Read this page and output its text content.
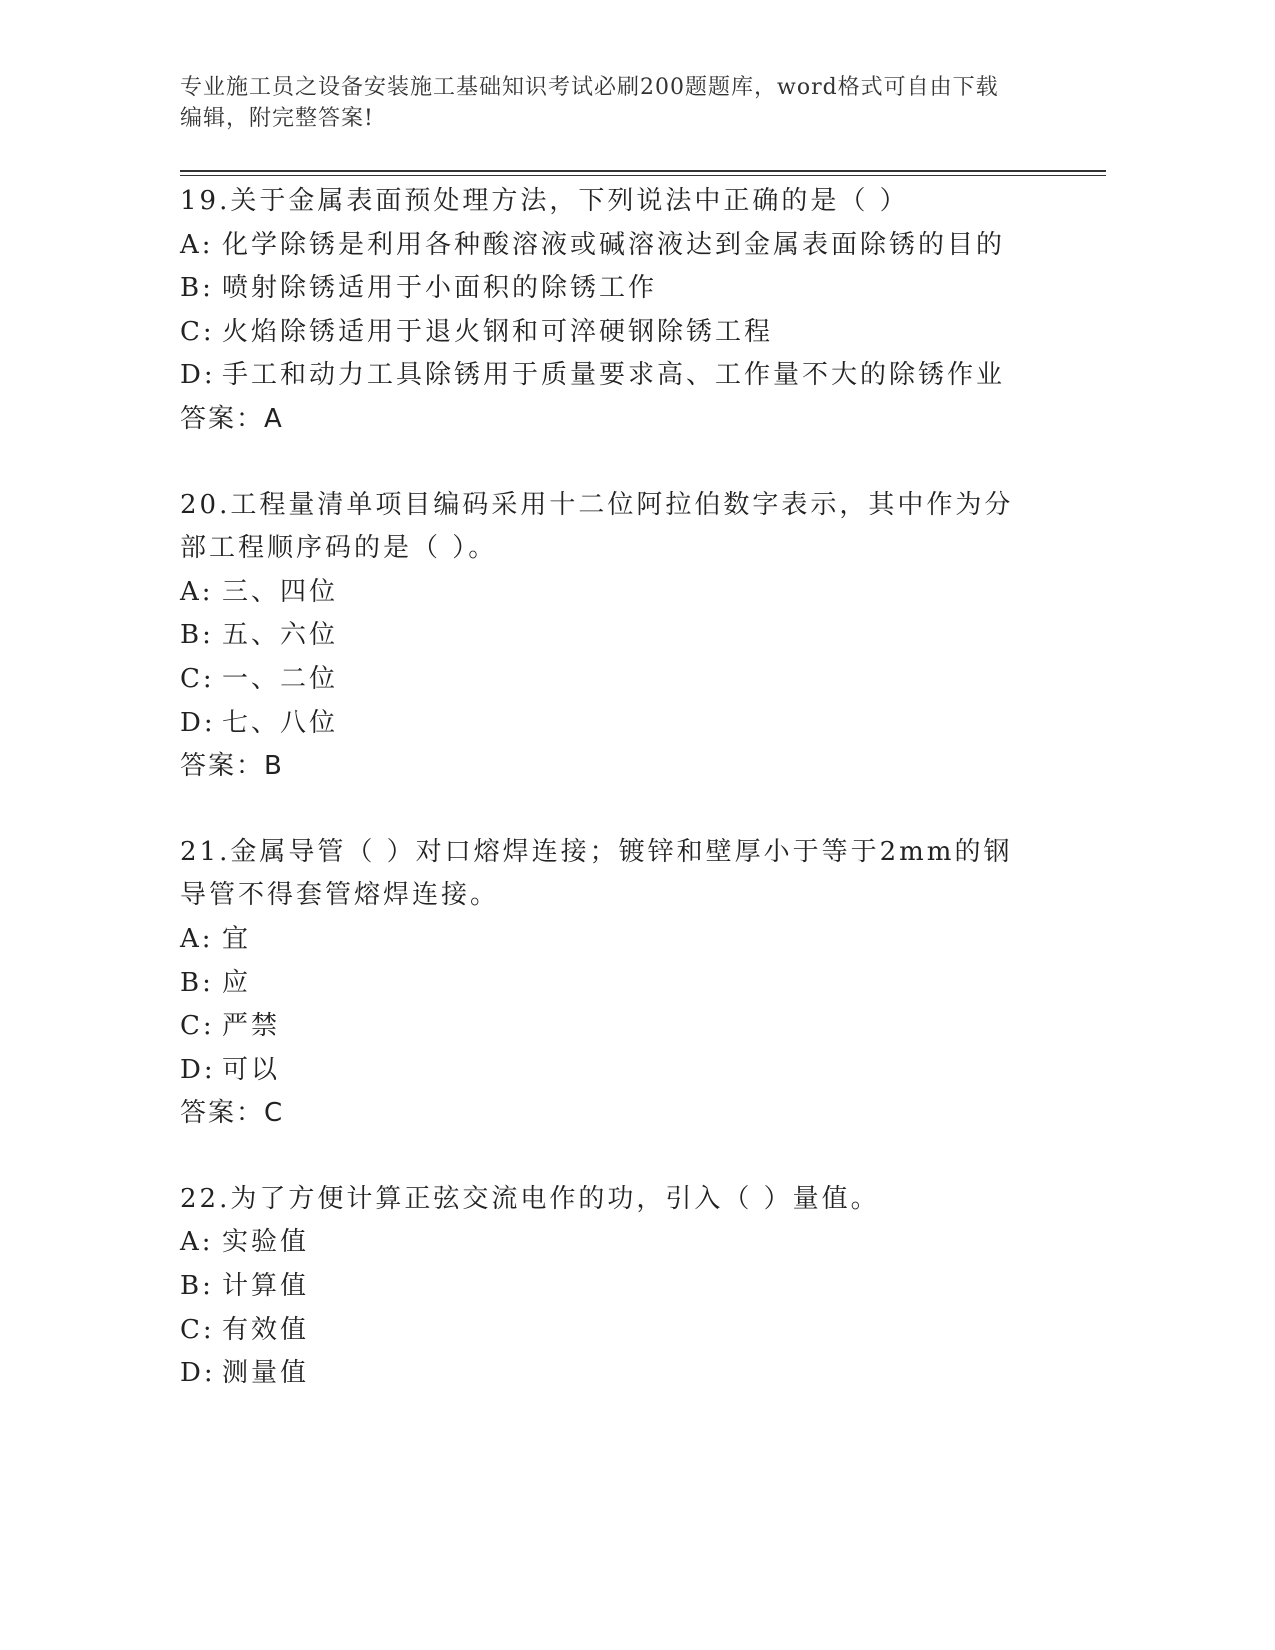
专业施工员之设备安装施工基础知识考试必刷200题题库，word格式可自由下载
编辑，附完整答案!
19.关于金属表面预处理方法，下列说法中正确的是（ ）
A: 化学除锈是利用各种酸溶液或碱溶液达到金属表面除锈的目的
B: 喷射除锈适用于小面积的除锈工作
C: 火焰除锈适用于退火钢和可淬硬钢除锈工程
D: 手工和动力工具除锈用于质量要求高、工作量不大的除锈作业
答案：A
20.工程量清单项目编码采用十二位阿拉伯数字表示，其中作为分部工程顺序码的是（ ）。
A: 三、四位
B: 五、六位
C: 一、二位
D: 七、八位
答案：B
21.金属导管（ ）对口熔焊连接；镀锌和壁厚小于等于2mm的钢导管不得套管熔焊连接。
A: 宜
B: 应
C: 严禁
D: 可以
答案：C
22.为了方便计算正弦交流电作的功，引入（ ）量值。
A: 实验值
B: 计算值
C: 有效值
D: 测量值
